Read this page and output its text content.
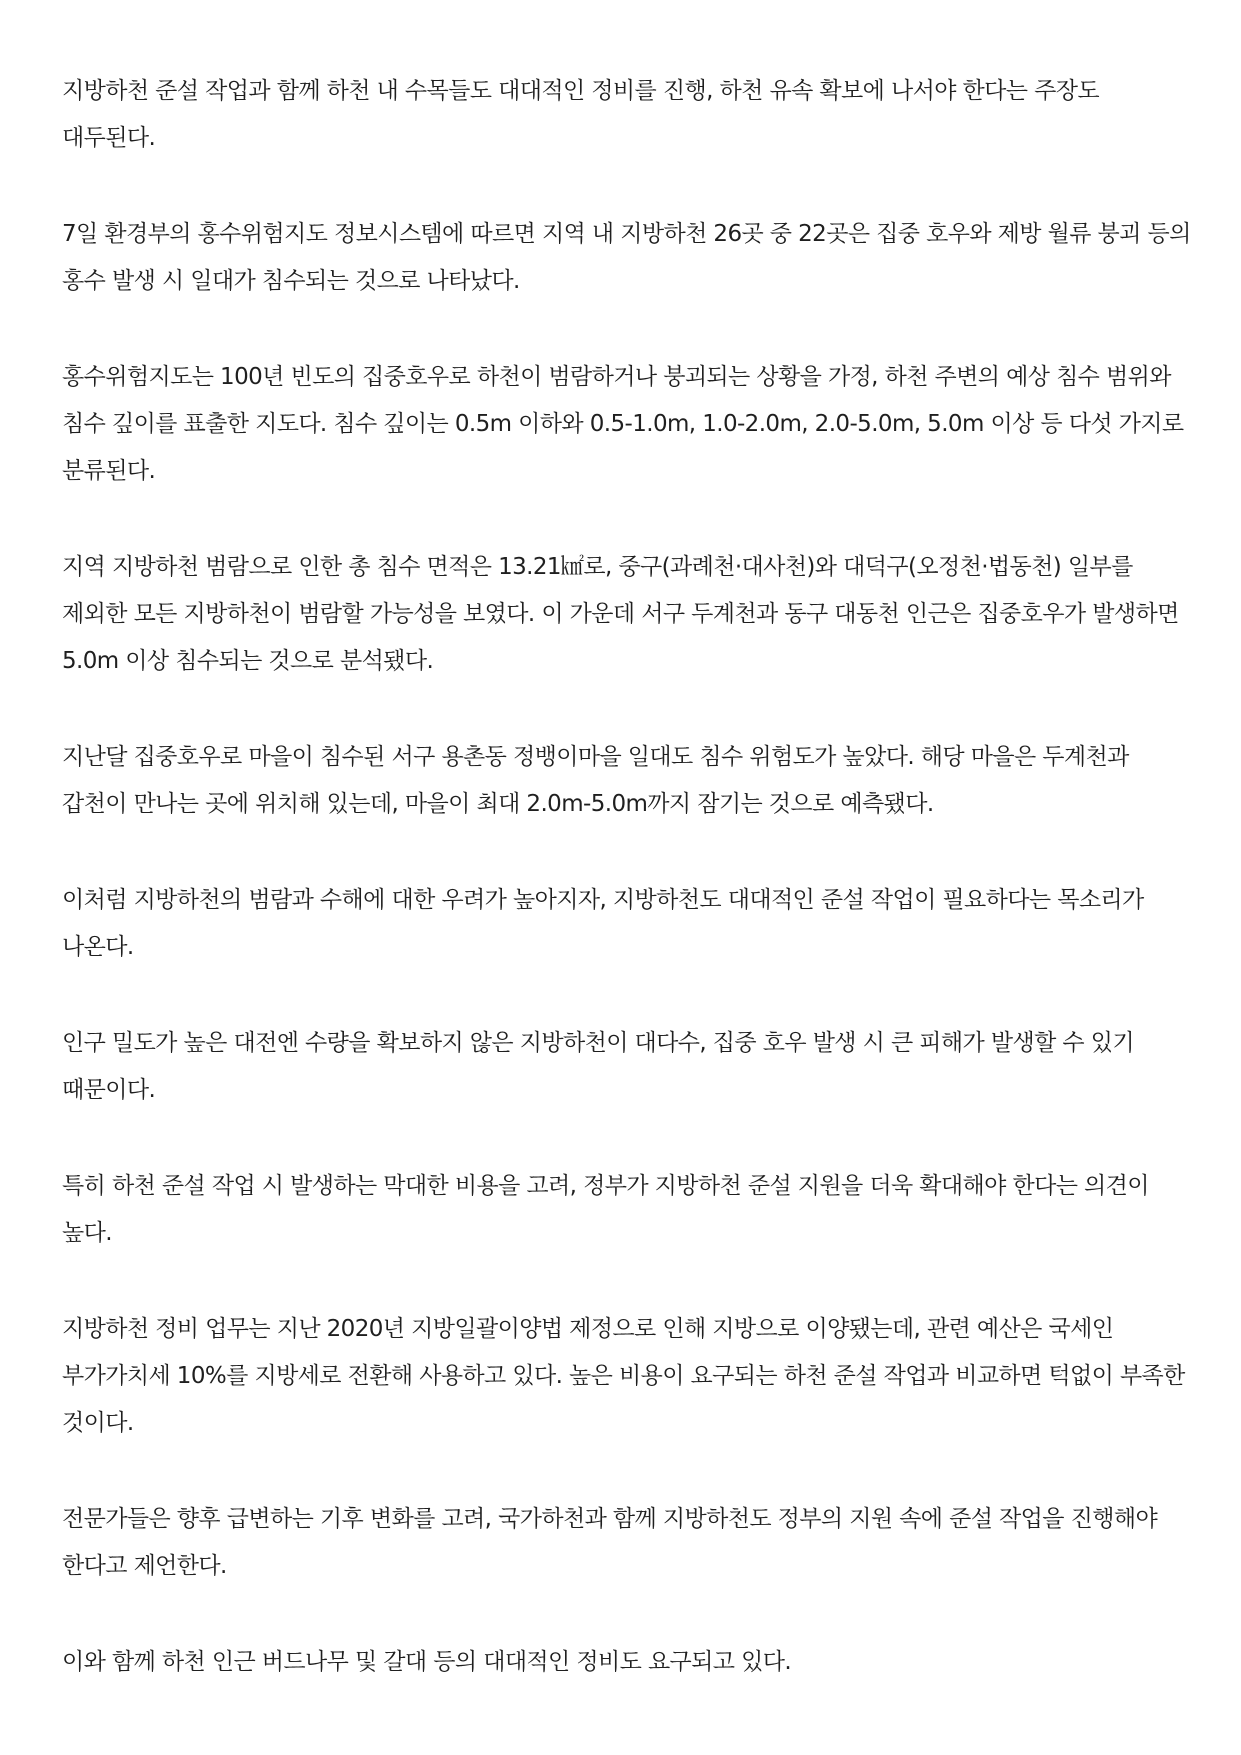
지방하천 준설 작업과 함께 하천 내 수목들도 대대적인 정비를 진행, 하천 유속 확보에 나서야 한다는 주장도 대두된다.

7일 환경부의 홍수위험지도 정보시스템에 따르면 지역 내 지방하천 26곳 중 22곳은 집중 호우와 제방 월류 붕괴 등의 홍수 발생 시 일대가 침수되는 것으로 나타났다.

홍수위험지도는 100년 빈도의 집중호우로 하천이 범람하거나 붕괴되는 상황을 가정, 하천 주변의 예상 침수 범위와 침수 깊이를 표출한 지도다. 침수 깊이는 0.5m 이하와 0.5-1.0m, 1.0-2.0m, 2.0-5.0m, 5.0m 이상 등 다섯 가지로 분류된다.

지역 지방하천 범람으로 인한 총 침수 면적은 13.21㎢로, 중구(과례천·대사천)와 대덕구(오정천·법동천) 일부를 제외한 모든 지방하천이 범람할 가능성을 보였다. 이 가운데 서구 두계천과 동구 대동천 인근은 집중호우가 발생하면 5.0m 이상 침수되는 것으로 분석됐다.

지난달 집중호우로 마을이 침수된 서구 용촌동 정뱅이마을 일대도 침수 위험도가 높았다. 해당 마을은 두계천과 갑천이 만나는 곳에 위치해 있는데, 마을이 최대 2.0m-5.0m까지 잠기는 것으로 예측됐다.

이처럼 지방하천의 범람과 수해에 대한 우려가 높아지자, 지방하천도 대대적인 준설 작업이 필요하다는 목소리가 나온다.

인구 밀도가 높은 대전엔 수량을 확보하지 않은 지방하천이 대다수, 집중 호우 발생 시 큰 피해가 발생할 수 있기 때문이다.

특히 하천 준설 작업 시 발생하는 막대한 비용을 고려, 정부가 지방하천 준설 지원을 더욱 확대해야 한다는 의견이 높다.

지방하천 정비 업무는 지난 2020년 지방일괄이양법 제정으로 인해 지방으로 이양됐는데, 관련 예산은 국세인 부가가치세 10%를 지방세로 전환해 사용하고 있다. 높은 비용이 요구되는 하천 준설 작업과 비교하면 턱없이 부족한 것이다.

전문가들은 향후 급변하는 기후 변화를 고려, 국가하천과 함께 지방하천도 정부의 지원 속에 준설 작업을 진행해야 한다고 제언한다.

이와 함께 하천 인근 버드나무 및 갈대 등의 대대적인 정비도 요구되고 있다.
